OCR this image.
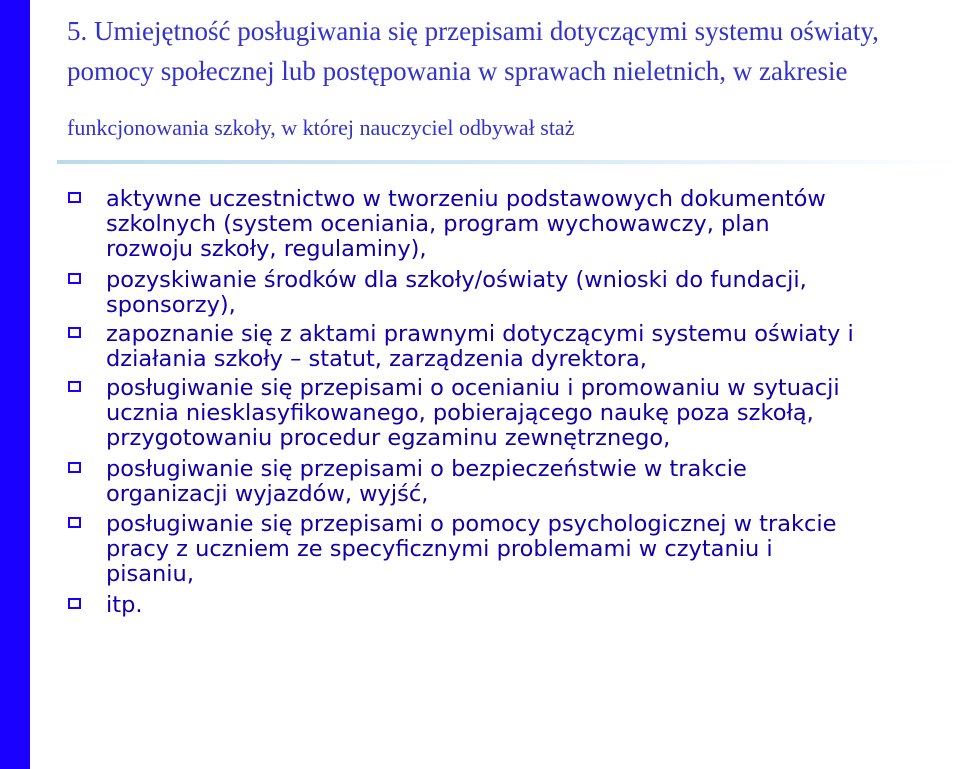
5. Umiejętność posługiwania się przepisami dotyczącymi systemu oświaty,
pomocy społecznej lub postępowania w sprawach nieletnich, w zakresie
funkcjonowania szkoły, w której nauczyciel odbywał staż
aktywne uczestnictwo w tworzeniu podstawowych dokumentów
szkolnych (system oceniania, program wychowawczy, plan
rozwoju szkoły, regulaminy),
pozyskiwanie środków dla szkoły/oświaty (wnioski do fundacji,
sponsorzy),
zapoznanie się z aktami prawnymi dotyczącymi systemu oświaty i
działania szkoły – statut, zarządzenia dyrektora,
posługiwanie się przepisami o ocenianiu i promowaniu w sytuacji
ucznia niesklasyfikowanego, pobierającego naukę poza szkołą,
przygotowaniu procedur egzaminu zewnętrznego,
posługiwanie się przepisami o bezpieczeństwie w trakcie
organizacji wyjazdów, wyjść,
posługiwanie się przepisami o pomocy psychologicznej w trakcie
pracy z uczniem ze specyficznymi problemami w czytaniu i
pisaniu,
itp.
